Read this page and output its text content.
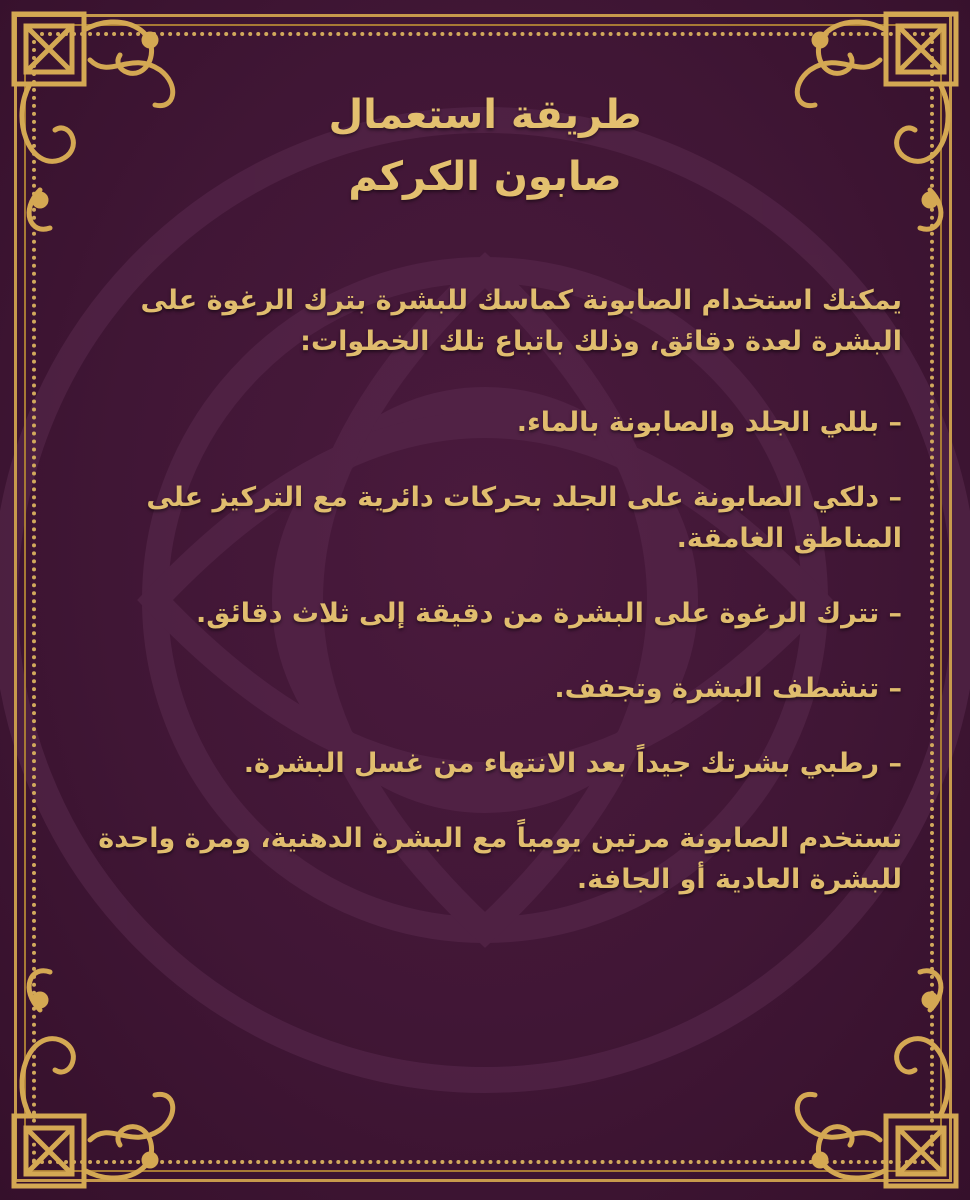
طريقة استعمال
صابون الكركم

يمكنك استخدام الصابونة كماسك للبشرة بترك الرغوة على البشرة لعدة دقائق، وذلك باتباع تلك الخطوات:

– بللي الجلد والصابونة بالماء.

– دلكي الصابونة على الجلد بحركات دائرية مع التركيز على المناطق الغامقة.

– تترك الرغوة على البشرة من دقيقة إلى ثلاث دقائق.

– تنشطف البشرة وتجفف.

– رطبي بشرتك جيداً بعد الانتهاء من غسل البشرة.

تستخدم الصابونة مرتين يومياً مع البشرة الدهنية، ومرة واحدة للبشرة العادية أو الجافة.
